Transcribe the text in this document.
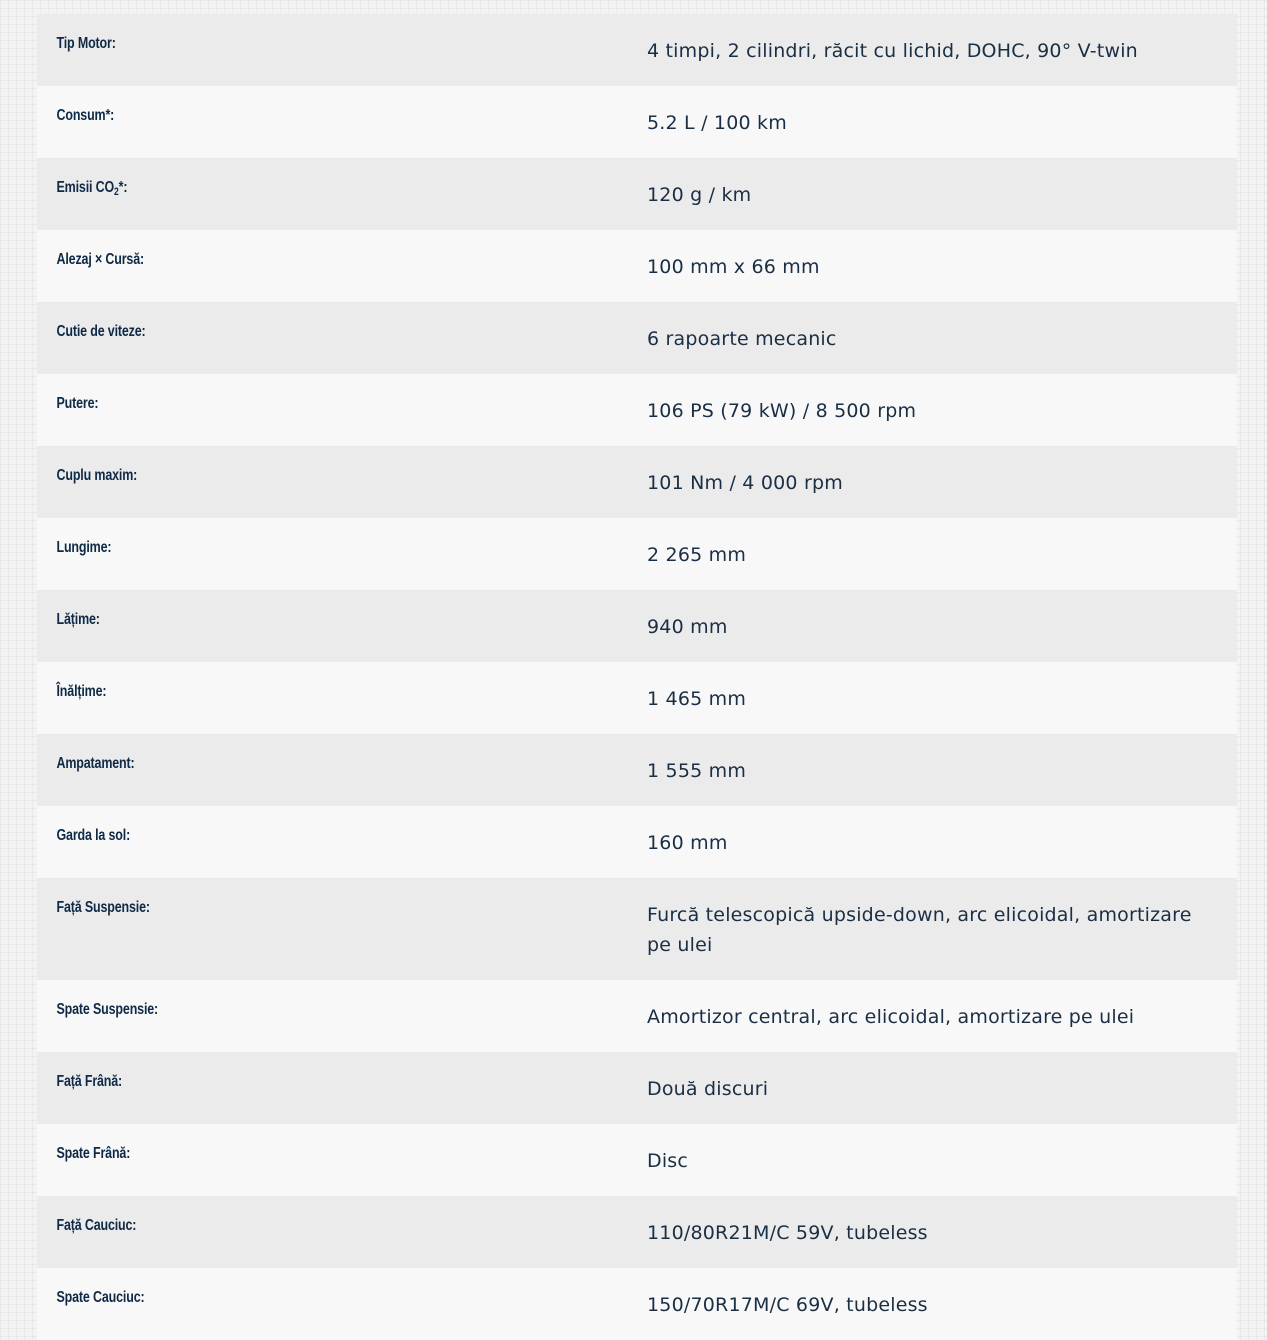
Tip Motor:	4 timpi, 2 cilindri, răcit cu lichid, DOHC, 90° V-twin
Consum*:	5.2 L / 100 km
Emisii $CO_2*$:	120 g / km
Alezaj × Cursă:	100 mm x 66 mm
Cutie de viteze:	6 rapoarte mecanic
Putere:	106 PS (79 kW) / 8 500 rpm
Cuplu maxim:	101 Nm / 4 000 rpm
Lungime:	2 265 mm
Lățime:	940 mm
Înălțime:	1 465 mm
Ampatament:	1 555 mm
Garda la sol:	160 mm
Față Suspensie:	Furcă telescopică upside-down, arc elicoidal, amortizare pe ulei
Spate Suspensie:	Amortizor central, arc elicoidal, amortizare pe ulei
Față Frână:	Două discuri
Spate Frână:	Disc
Față Cauciuc:	110/80R21M/C 59V, tubeless
Spate Cauciuc:	150/70R17M/C 69V, tubeless
